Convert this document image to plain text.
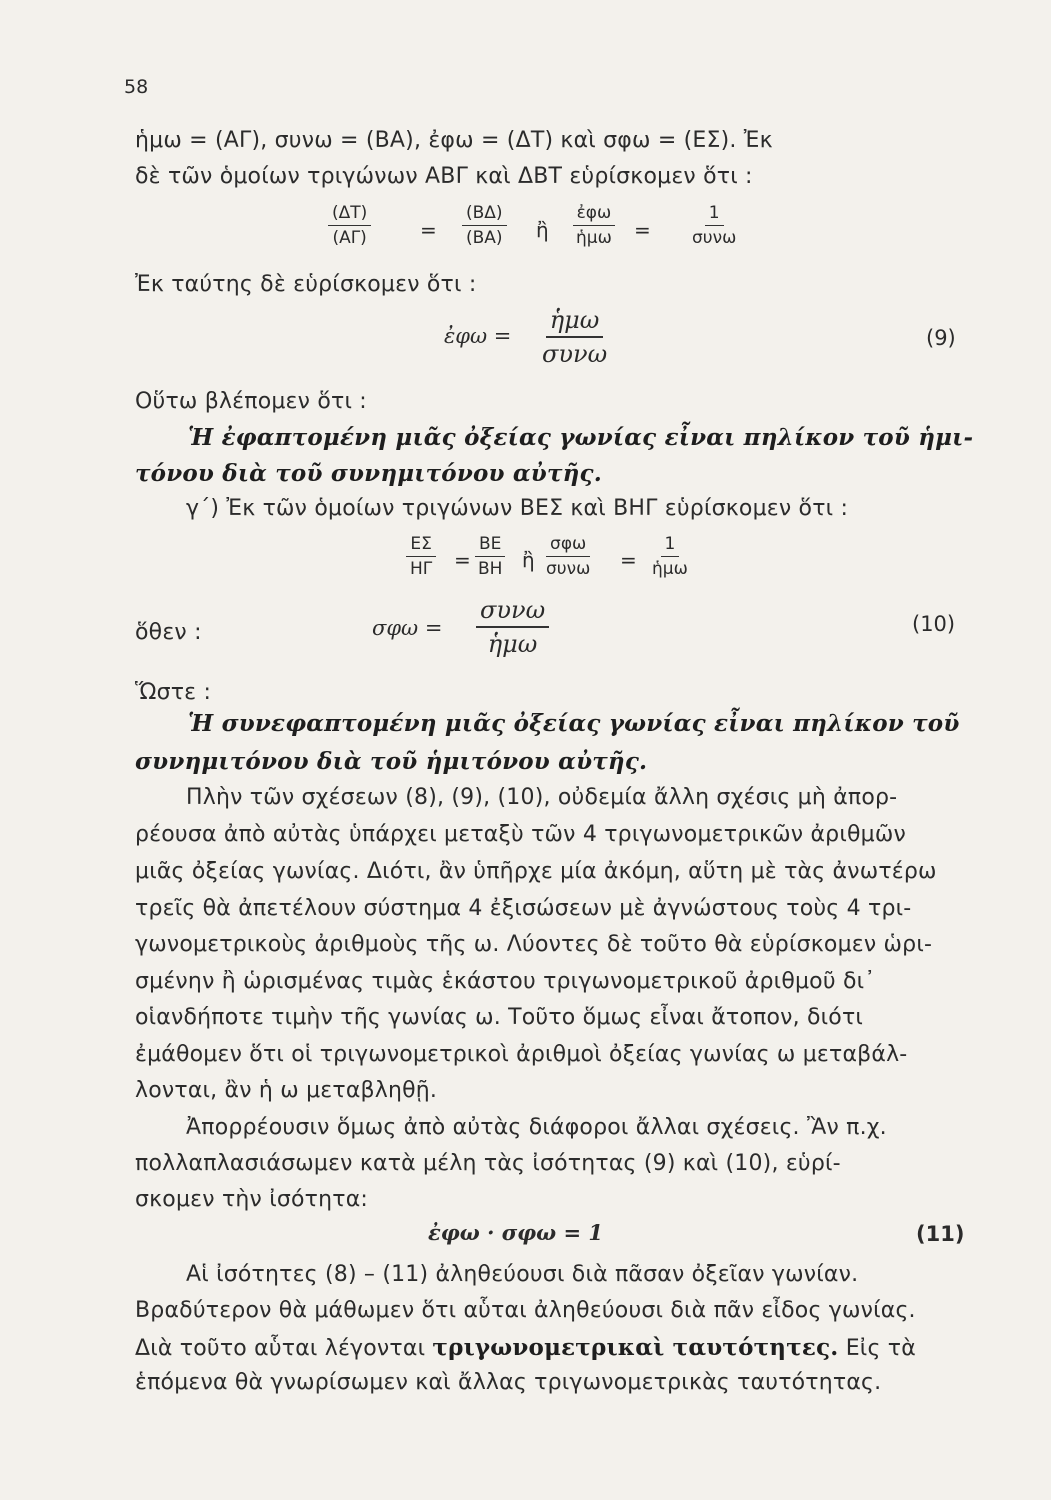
58
ἡμω = (ΑΓ), συνω = (ΒΑ), ἐφω = (ΔΤ) καὶ σφω = (ΕΣ). Ἐκ
δὲ τῶν ὁμοίων τριγώνων ΑΒΓ καὶ ΔΒΤ εὑρίσκομεν ὅτι :
$\frac{(\Delta T)}{(A\Gamma)} = \frac{(B\Delta)}{(BA)}$ ἢ
ἐφω
ἡμω =
1
συνω
Ἐκ ταύτης δὲ εὑρίσκομεν ὅτι :
ἐφω =
ἡμω
συνω
(9)
Οὕτω βλέπομεν ὅτι :
Ἡ ἐφαπτομένη μιᾶς ὀξείας γωνίας εἶναι πηλίκον τοῦ ἡμι-
τόνου διὰ τοῦ συνημιτόνου αὐτῆς.
γ΄) Ἐκ τῶν ὁμοίων τριγώνων ΒΕΣ καὶ ΒΗΓ εὑρίσκομεν ὅτι :
$\frac{E\Sigma}{H\Gamma} = \frac{BE}{BH}$ ἢ
σφω
συνω =
1
ἡμω
ὅθεν :	σφω =
συνω
ἡμω
(10)
Ὥστε :
Ἡ συνεφαπτομένη μιᾶς ὀξείας γωνίας εἶναι πηλίκον τοῦ
συνημιτόνου διὰ τοῦ ἡμιτόνου αὐτῆς.
Πλὴν τῶν σχέσεων (8), (9), (10), οὐδεμία ἄλλη σχέσις μὴ ἀπορ-
ρέουσα ἀπὸ αὐτὰς ὑπάρχει μεταξὺ τῶν 4 τριγωνομετρικῶν ἀριθμῶν
μιᾶς ὀξείας γωνίας. Διότι, ἂν ὑπῆρχε μία ἀκόμη, αὕτη μὲ τὰς ἀνωτέρω
τρεῖς θὰ ἀπετέλουν σύστημα 4 ἐξισώσεων μὲ ἀγνώστους τοὺς 4 τρι-
γωνομετρικοὺς ἀριθμοὺς τῆς ω. Λύοντες δὲ τοῦτο θὰ εὑρίσκομεν ὡρι-
σμένην ἢ ὡρισμένας τιμὰς ἑκάστου τριγωνομετρικοῦ ἀριθμοῦ δι᾽
οἱανδήποτε τιμὴν τῆς γωνίας ω. Τοῦτο ὅμως εἶναι ἄτοπον, διότι
ἐμάθομεν ὅτι οἱ τριγωνομετρικοὶ ἀριθμοὶ ὀξείας γωνίας ω μεταβάλ-
λονται, ἂν ἡ ω μεταβληθῇ.
Ἀπορρέουσιν ὅμως ἀπὸ αὐτὰς διάφοροι ἄλλαι σχέσεις. Ἂν π.χ.
πολλαπλασιάσωμεν κατὰ μέλη τὰς ἰσότητας (9) καὶ (10), εὑρί-
σκομεν τὴν ἰσότητα:
ἐφω · σφω = 1	(11)
Αἱ ἰσότητες (8) – (11) ἀληθεύουσι διὰ πᾶσαν ὀξεῖαν γωνίαν.
Βραδύτερον θὰ μάθωμεν ὅτι αὗται ἀληθεύουσι διὰ πᾶν εἶδος γωνίας.
Διὰ τοῦτο αὗται λέγονται τριγωνομετρικαὶ ταυτότητες. Εἰς τὰ
ἑπόμενα θὰ γνωρίσωμεν καὶ ἄλλας τριγωνομετρικὰς ταυτότητας.
